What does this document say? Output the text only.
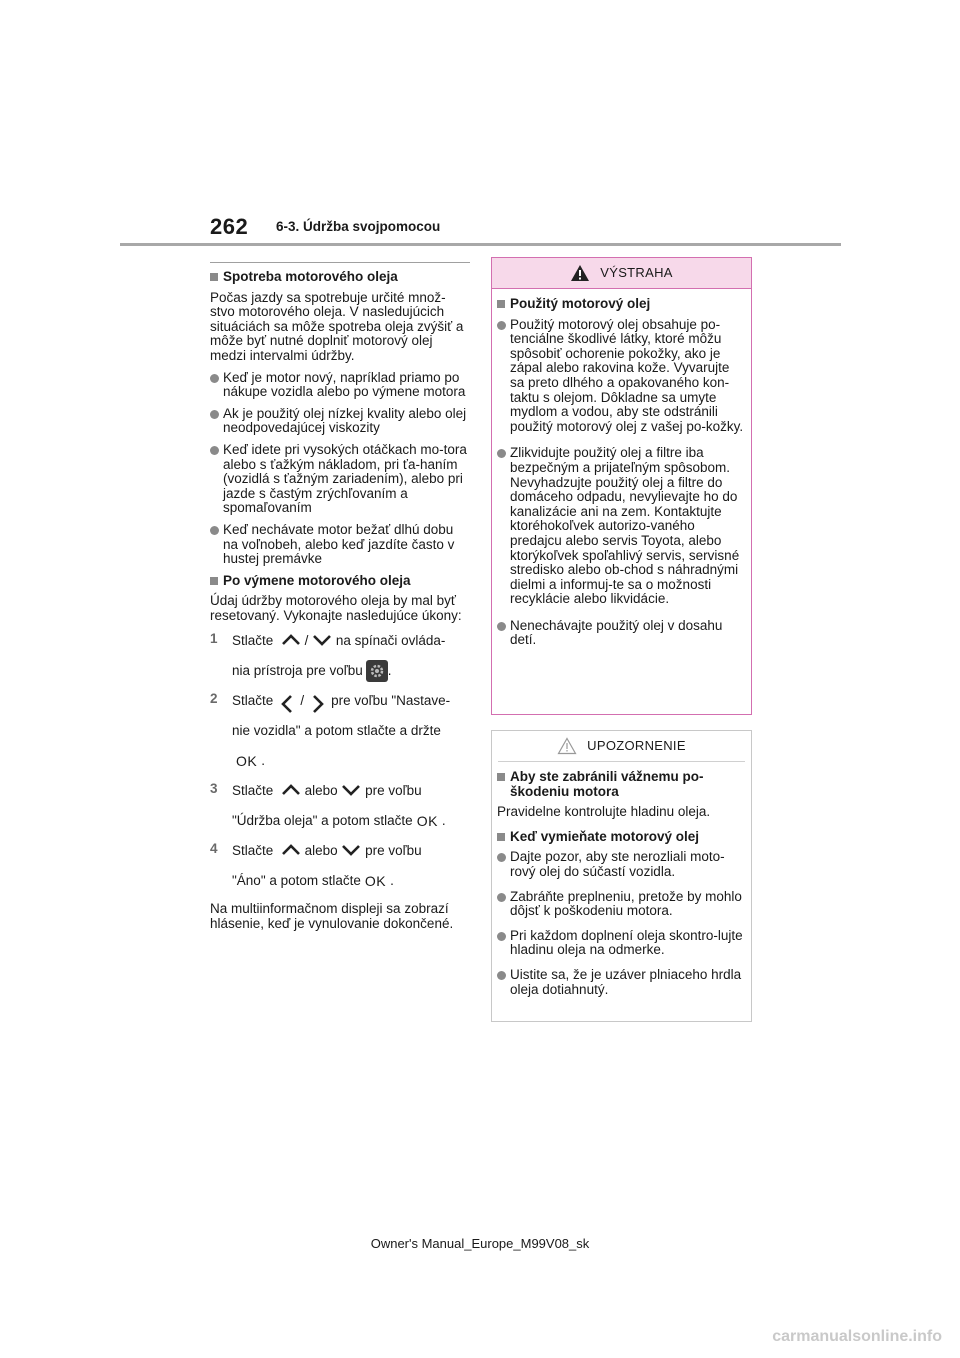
262 6-3. Údržba svojpomocou
Spotreba motorového oleja
Počas jazdy sa spotrebuje určité množ-stvo motorového oleja. V nasledujúcich situáciách sa môže spotreba oleja zvýšiť a môže byť nutné doplniť motorový olej medzi intervalmi údržby.
Keď je motor nový, napríklad priamo po nákupe vozidla alebo po výmene motora
Ak je použitý olej nízkej kvality alebo olej neodpovedajúcej viskozity
Keď idete pri vysokých otáčkach mo-tora alebo s ťažkým nákladom, pri ťa-haním (vozidlá s ťažným zariadením), alebo pri jazde s častým zrýchľovaním a spomaľovaním
Keď nechávate motor bežať dlhú dobu na voľnobeh, alebo keď jazdíte často v hustej premávke
Po výmene motorového oleja
Údaj údržby motorového oleja by mal byť resetovaný. Vykonajte nasledujúce úkony:
1 Stlačte

/

na spínači ovláda-
nia prístroja pre voľbu .
2 Stlačte

/

pre voľbu "Nastave-
nie vozidla" a potom stlačte a držte
OK .
3 Stlačte

alebo

pre voľbu
"Údržba oleja" a potom stlačte OK .
4 Stlačte

alebo

pre voľbu
"Áno" a potom stlačte OK .
Na multiinformačnom displeji sa zobrazí hlásenie, keď je vynulovanie dokončené.
VÝSTRAHA
Použitý motorový olej
Použitý motorový olej obsahuje po-tenciálne škodlivé látky, ktoré môžu spôsobiť ochorenie pokožky, ako je zápal alebo rakovina kože. Vyvarujte sa preto dlhého a opakovaného kon-taktu s olejom. Dôkladne sa umyte mydlom a vodou, aby ste odstránili použitý motorový olej z vašej po-kožky.
Zlikvidujte použitý olej a filtre iba bezpečným a prijateľným spôsobom. Nevyhadzujte použitý olej a filtre do domáceho odpadu, nevylievajte ho do kanalizácie ani na zem. Kontaktujte ktoréhokoľvek autorizo-vaného predajcu alebo servis Toyota, alebo ktorýkoľvek spoľahlivý servis, servisné stredisko alebo ob-chod s náhradnými dielmi a informuj-te sa o možnosti recyklácie alebo likvidácie.
Nenechávajte použitý olej v dosahu detí.
UPOZORNENIE
Aby ste zabránili vážnemu po-škodeniu motora
Pravidelne kontrolujte hladinu oleja.
Keď vymieňate motorový olej
Dajte pozor, aby ste nerozliali moto-rový olej do súčastí vozidla.
Zabráňte preplneniu, pretože by mohlo dôjsť k poškodeniu motora.
Pri každom doplnení oleja skontro-lujte hladinu oleja na odmerke.
Uistite sa, že je uzáver plniaceho hrdla oleja dotiahnutý.
Owner's Manual_Europe_M99V08_sk
carmanualsonline.info
